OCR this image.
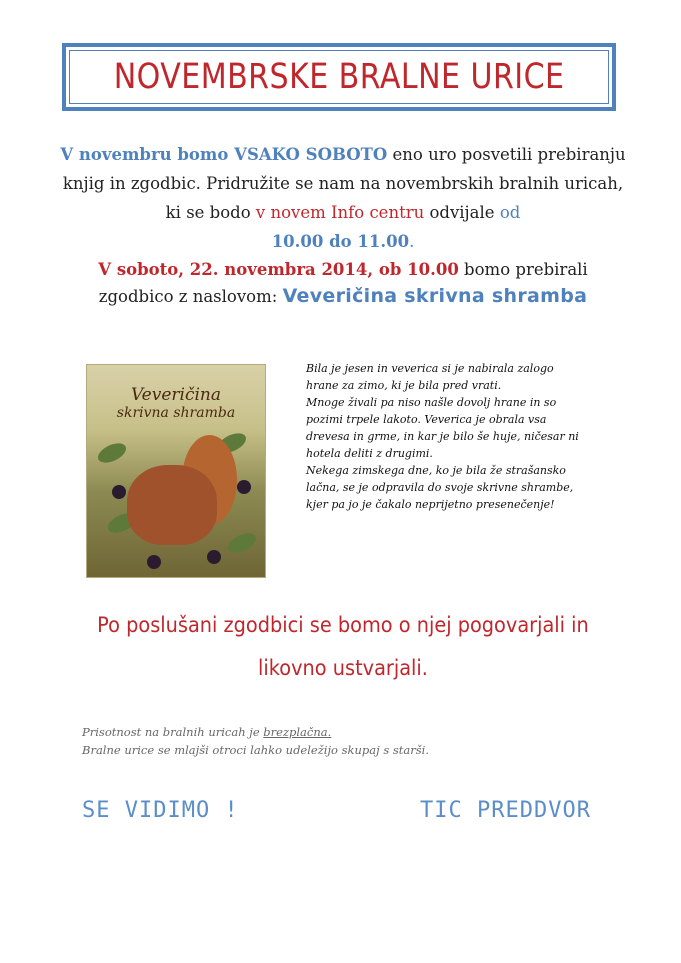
NOVEMBRSKE BRALNE URICE
V novembru bomo VSAKO SOBOTO eno uro posvetili prebiranju knjig in zgodbic. Pridružite se nam na novembrskih bralnih uricah, ki se bodo v novem Info centru odvijale od
10.00 do 11.00.
V soboto, 22. novembra 2014, ob 10.00 bomo prebirali
zgodbico z naslovom: Veveričina skrivna shramba
Veveričina
skrivna shramba

Bila je jesen in veverica si je nabirala zalogo

hrane za zimo, ki je bila pred vrati.

Mnoge živali pa niso našle dovolj hrane in so

pozimi trpele lakoto. Veverica je obrala vsa

drevesa in grme, in kar je bilo še huje, ničesar ni

hotela deliti z drugimi.

Nekega zimskega dne, ko je bila že strašansko

lačna, se je odpravila do svoje skrivne shrambe,

kjer pa jo je čakalo neprijetno presenečenje!

Po poslušani zgodbici se bomo o njej pogovarjali in
likovno ustvarjali.

Prisotnost na bralnih uricah je brezplačna.

Bralne urice se mlajši otroci lahko udeležijo skupaj s starši.

SE VIDIMO !	TIC PREDDVOR
